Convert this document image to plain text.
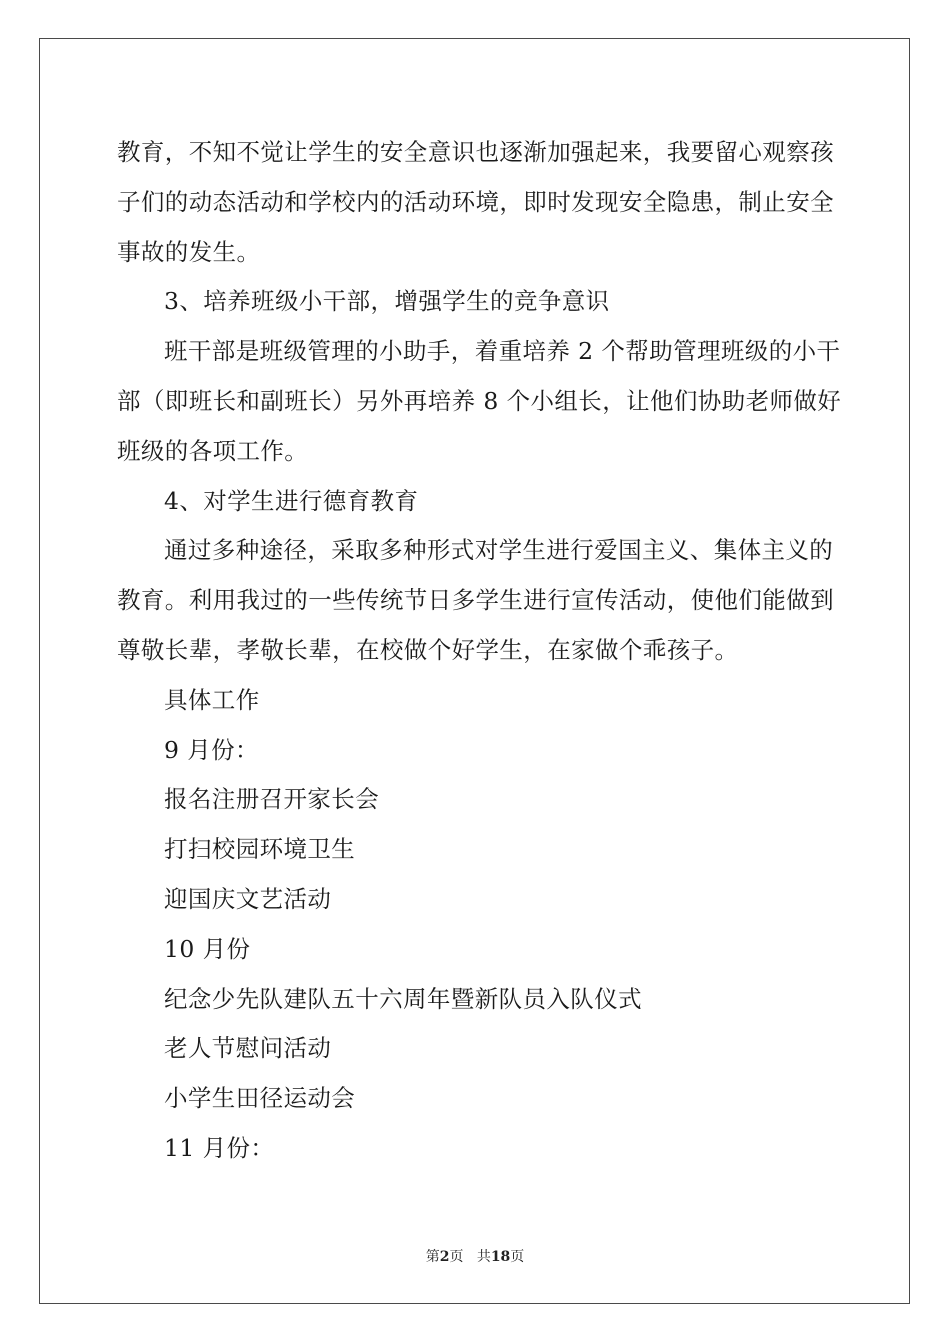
教育，不知不觉让学生的安全意识也逐渐加强起来，我要留心观察孩
子们的动态活动和学校内的活动环境，即时发现安全隐患，制止安全
事故的发生。
3、培养班级小干部，增强学生的竞争意识
班干部是班级管理的小助手，着重培养 2 个帮助管理班级的小干
部（即班长和副班长）另外再培养 8 个小组长，让他们协助老师做好
班级的各项工作。
4、对学生进行德育教育
通过多种途径，采取多种形式对学生进行爱国主义、集体主义的
教育。利用我过的一些传统节日多学生进行宣传活动，使他们能做到
尊敬长辈，孝敬长辈，在校做个好学生，在家做个乖孩子。
具体工作
9 月份：
报名注册召开家长会
打扫校园环境卫生
迎国庆文艺活动
10 月份
纪念少先队建队五十六周年暨新队员入队仪式
老人节慰问活动
小学生田径运动会
11 月份：
第2页 共18页
